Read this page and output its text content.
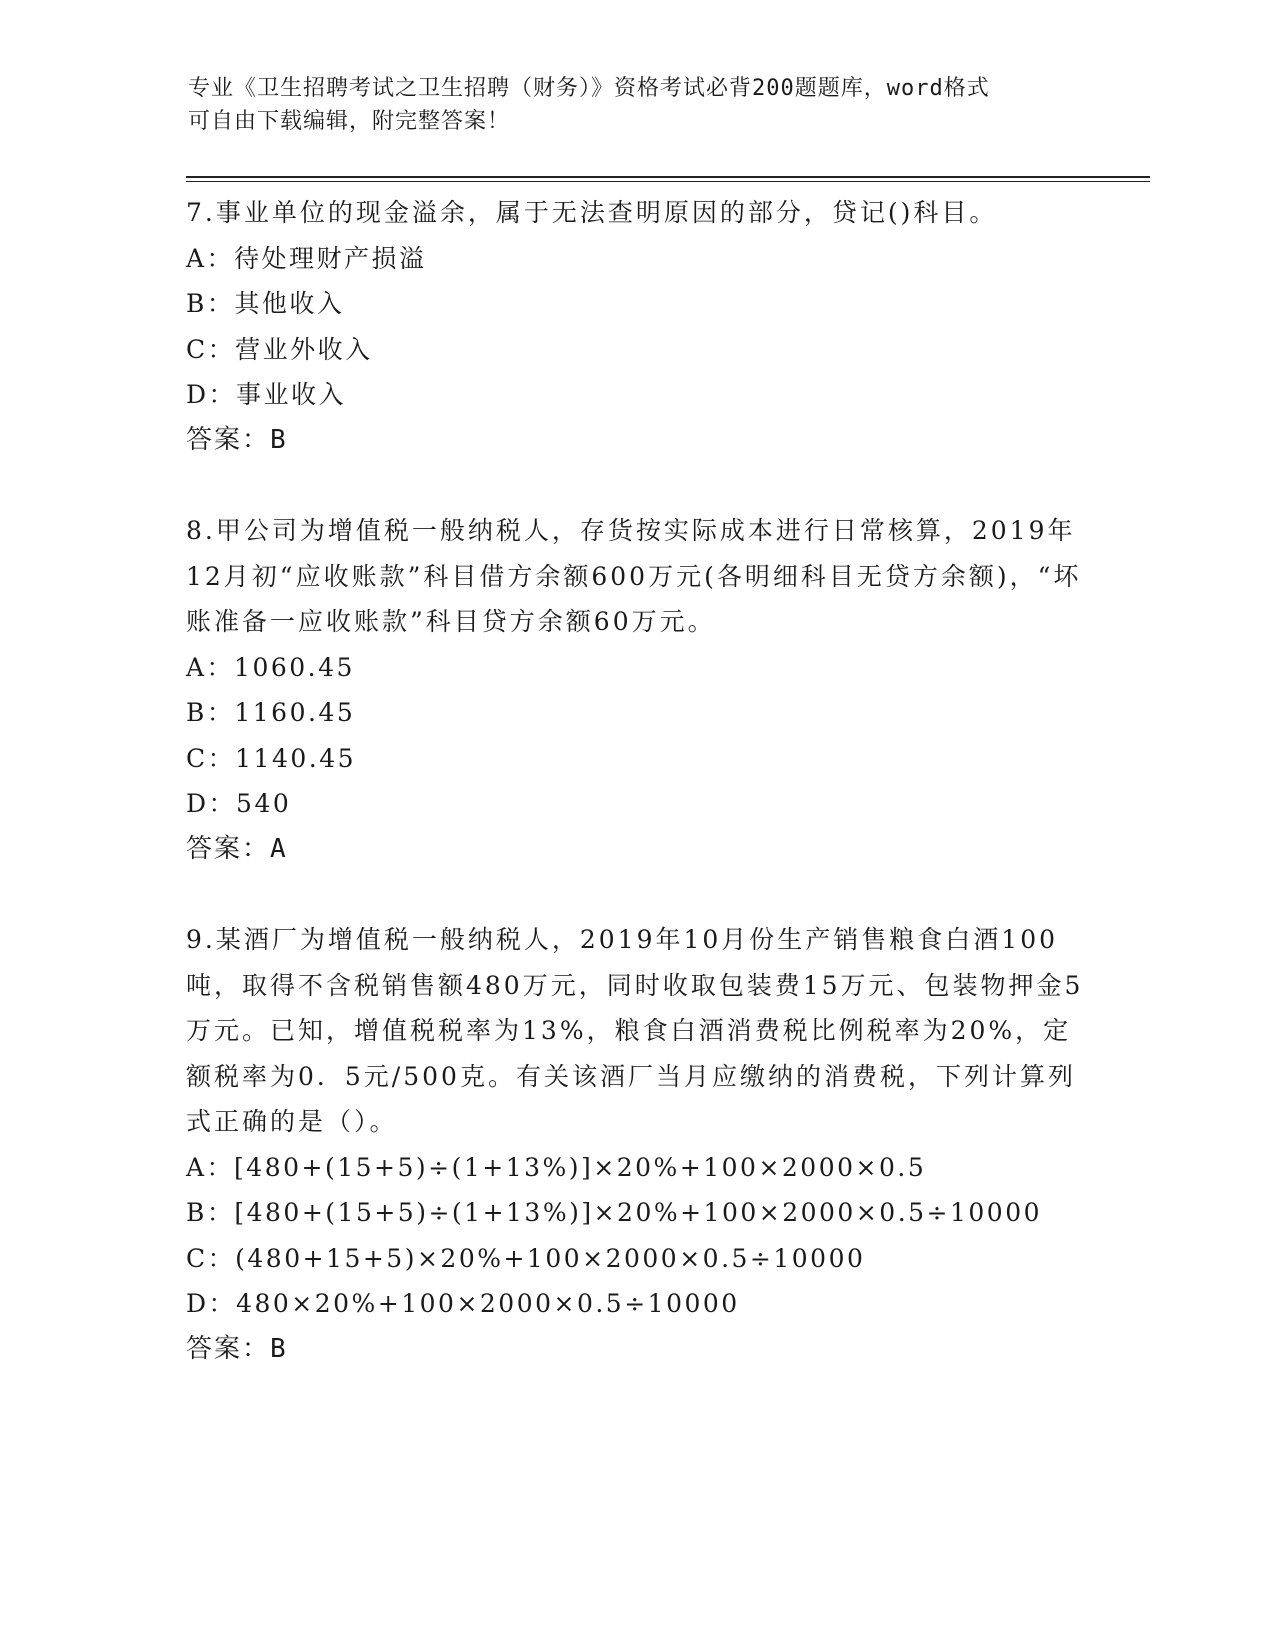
专业《卫生招聘考试之卫生招聘（财务）》资格考试必背200题题库，word格式
可自由下载编辑，附完整答案！

7.事业单位的现金溢余，属于无法查明原因的部分，贷记()科目。

A：待处理财产损溢

B：其他收入

C：营业外收入

D：事业收入

答案：B

8.甲公司为增值税一般纳税人，存货按实际成本进行日常核算，2019年12月初“应收账款”科目借方余额600万元(各明细科目无贷方余额)，“坏账准备一应收账款”科目贷方余额60万元。

A：1060.45

B：1160.45

C：1140.45

D：540

答案：A

9.某酒厂为增值税一般纳税人，2019年10月份生产销售粮食白酒100吨，取得不含税销售额480万元，同时收取包装费15万元、包装物押金5万元。已知，增值税税率为13%，粮食白酒消费税比例税率为20%，定额税率为0．5元/500克。有关该酒厂当月应缴纳的消费税，下列计算列式正确的是（）。

A：[480+(15+5)÷(1+13%)]×20%+100×2000×0.5

B：[480+(15+5)÷(1+13%)]×20%+100×2000×0.5÷10000

C：(480+15+5)×20%+100×2000×0.5÷10000

D：480×20%+100×2000×0.5÷10000

答案：B
